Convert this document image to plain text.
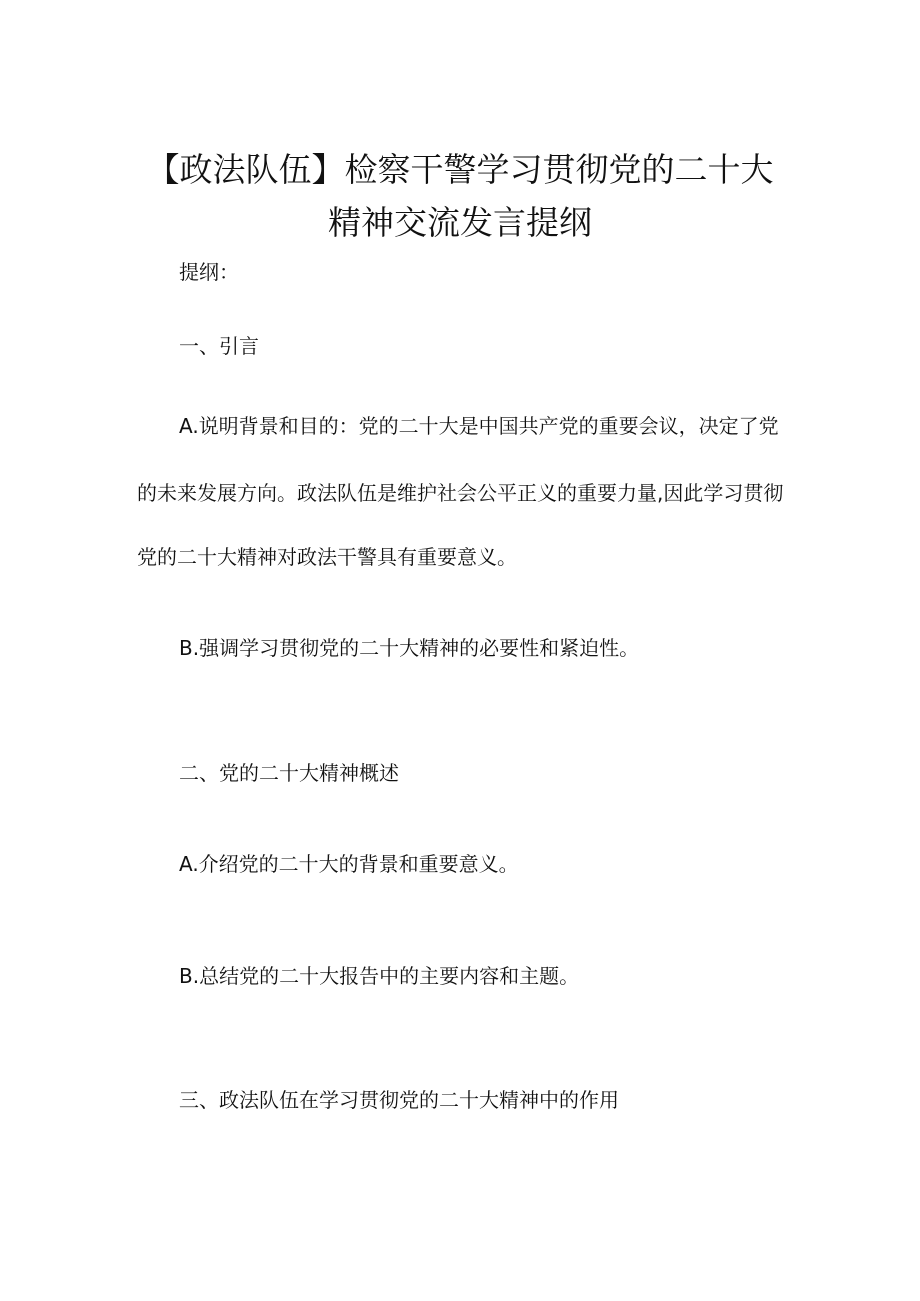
【政法队伍】检察干警学习贯彻党的二十大
精神交流发言提纲
提纲：
一、引言
A.说明背景和目的：党的二十大是中国共产党的重要会议，决定了党
的未来发展方向。政法队伍是维护社会公平正义的重要力量,因此学习贯彻
党的二十大精神对政法干警具有重要意义。
B.强调学习贯彻党的二十大精神的必要性和紧迫性。
二、党的二十大精神概述
A.介绍党的二十大的背景和重要意义。
B.总结党的二十大报告中的主要内容和主题。
三、政法队伍在学习贯彻党的二十大精神中的作用
